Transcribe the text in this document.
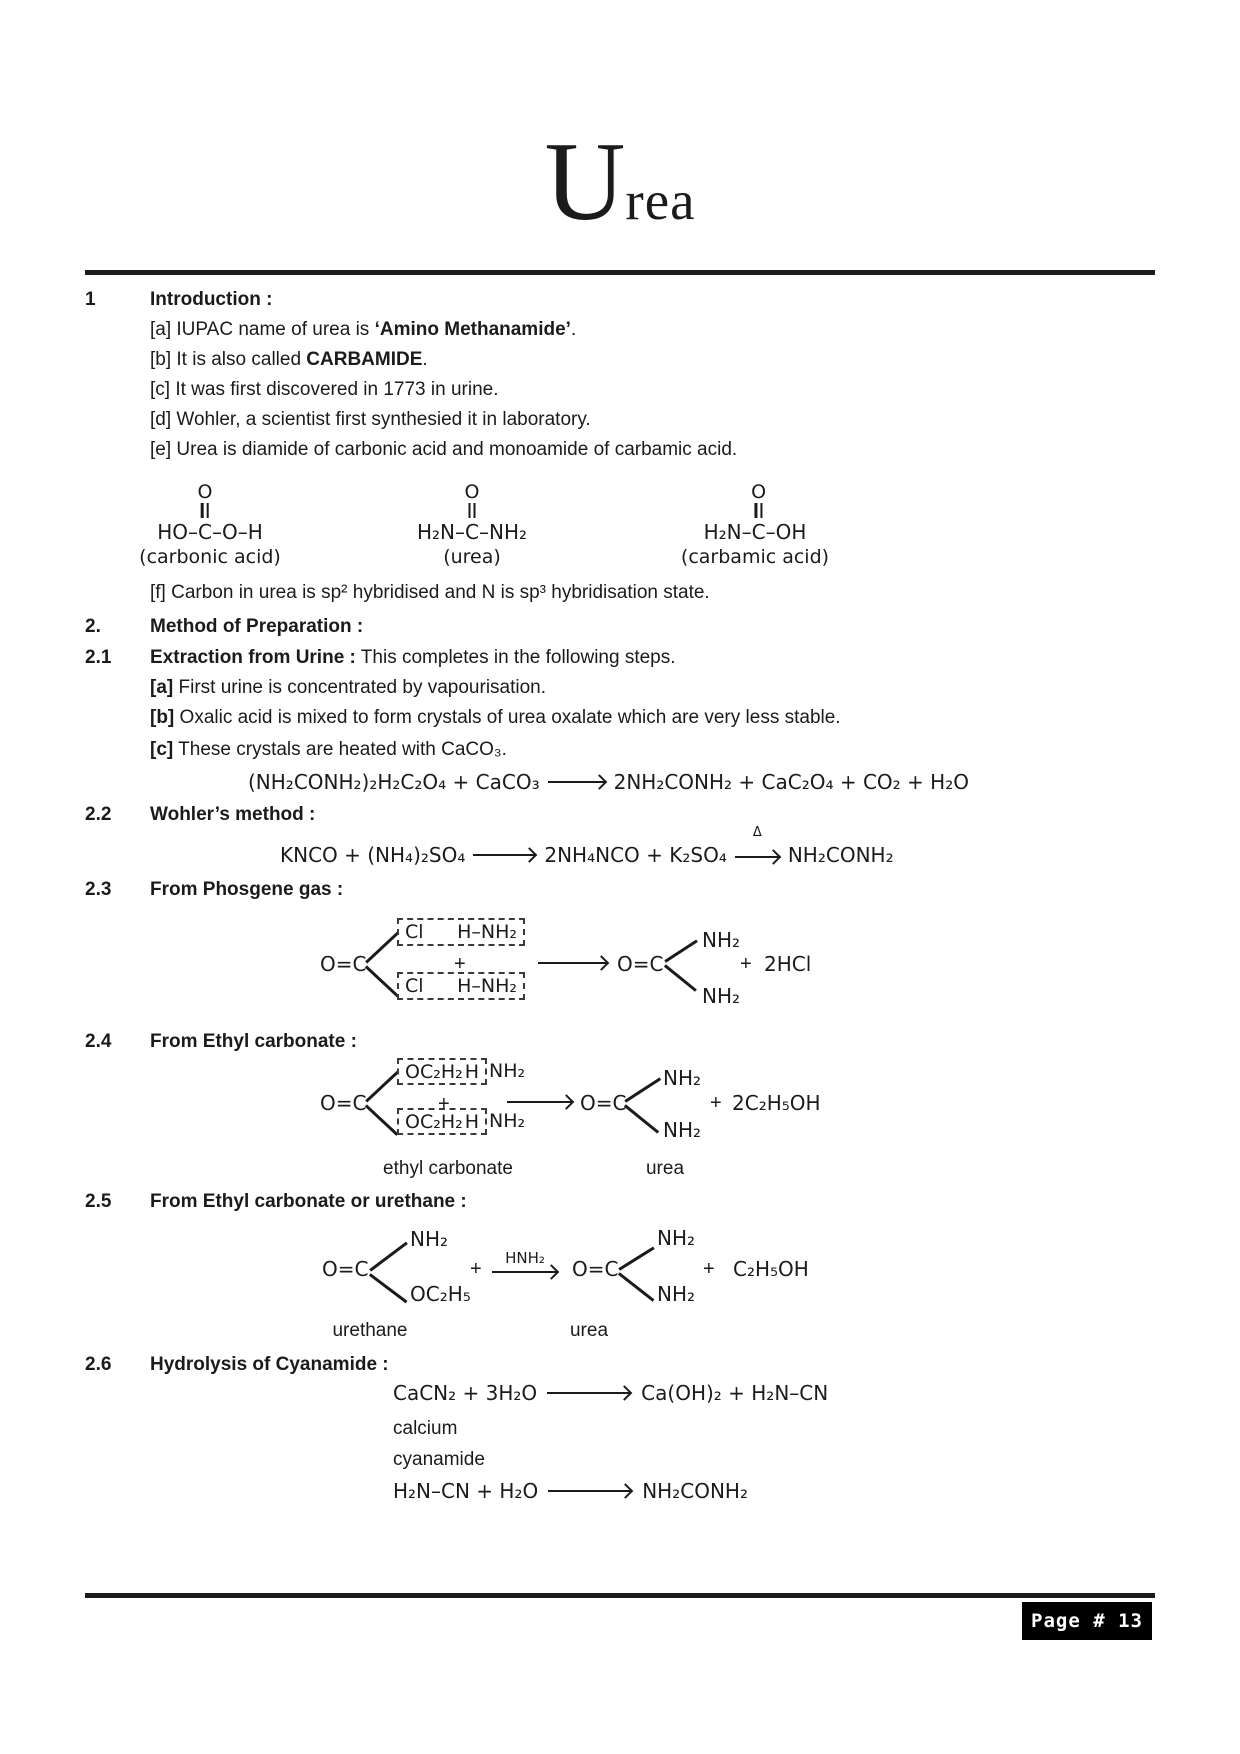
U rea
1	Introduction :
[a] IUPAC name of urea is ‘Amino Methanamide’.
[b] It is also called CARBAMIDE.
[c] It was first discovered in 1773 in urine.
[d] Wohler, a scientist first synthesied it in laboratory.
[e] Urea is diamide of carbonic acid and monoamide of carbamic acid.
HO–
O
C–O–H
(carbonic acid)
H₂N–
O
C–NH₂
(urea)
H₂N–
O
C–OH
(carbamic acid)
[f] Carbon in urea is sp² hybridised and N is sp³ hybridisation state.
2.	Method of Preparation :
2.1 Extraction from Urine : This completes in the following steps.
[a] First urine is concentrated by vapourisation.
[b] Oxalic acid is mixed to form crystals of urea oxalate which are very less stable.
[c] These crystals are heated with CaCO₃.
(NH₂CONH₂)₂H₂C₂O₄ + CaCO₃	2NH₂CONH₂ + CaC₂O₄ + CO₂ + H₂O
2.2 Wohler’s method :
KNCO + (NH₄)₂SO₄	2NH₄NCO + K₂SO₄
Δ
NH₂CONH₂
2.3 From Phosgene gas :
O=C
Cl H–NH₂
+
Cl H–NH₂
O=C
NH₂
NH₂
+ 2HCl
2.4 From Ethyl carbonate :
O=C
OC₂H₂ H NH₂
+
OC₂H₂ H NH₂
O=C
NH₂
NH₂
+ 2C₂H₅OH
ethyl carbonate	urea
2.5 From Ethyl carbonate or urethane :
O=C
NH₂
OC₂H₅
+	HNH₂	O=C
NH₂
NH₂
+ C₂H₅OH
urethane	urea
2.6 Hydrolysis of Cyanamide :
CaCN₂ + 3H₂O	Ca(OH)₂ + H₂N–CN
calcium
cyanamide
H₂N–CN + H₂O	NH₂CONH₂
Page # 13
